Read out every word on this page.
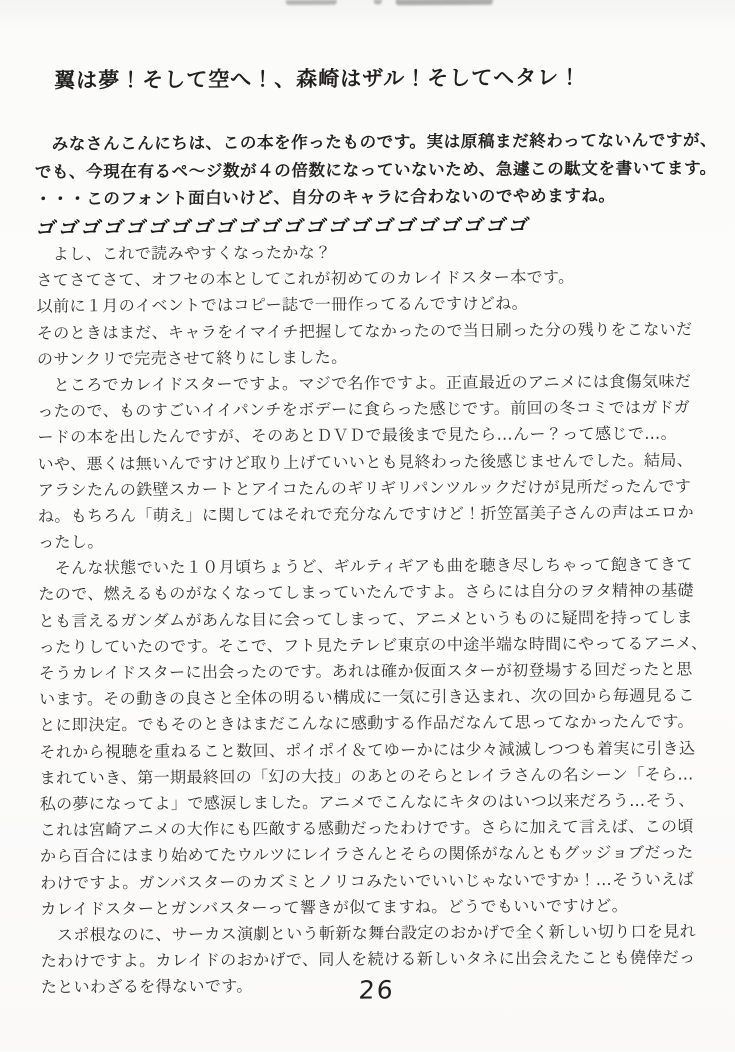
翼は夢！そして空へ！、森崎はザル！そしてヘタレ！
　みなさんこんにちは、この本を作ったものです。実は原稿まだ終わってないんですが、
でも、今現在有るペ〜ジ数が４の倍数になっていないため、急遽この駄文を書いてます。
・・・このフォント面白いけど、自分のキャラに合わないのでやめますね。
ゴゴゴゴゴゴゴゴゴゴゴゴゴゴゴゴゴゴゴゴゴゴ
　よし、これで読みやすくなったかな？
さてさてさて、オフセの本としてこれが初めてのカレイドスター本です。
以前に１月のイベントではコピー誌で一冊作ってるんですけどね。
そのときはまだ、キャラをイマイチ把握してなかったので当日刷った分の残りをこないだ
のサンクリで完売させて終りにしました。
　ところでカレイドスターですよ。マジで名作ですよ。正直最近のアニメには食傷気味だ
ったので、ものすごいイイパンチをボデーに食らった感じです。前回の冬コミではガドガ
ードの本を出したんですが、そのあとＤＶＤで最後まで見たら…んー？って感じで…。
いや、悪くは無いんですけど取り上げていいとも見終わった後感じませんでした。結局、
アラシたんの鉄壁スカートとアイコたんのギリギリパンツルックだけが見所だったんです
ね。もちろん「萌え」に関してはそれで充分なんですけど！折笠冨美子さんの声はエロか
ったし。
　そんな状態でいた１０月頃ちょうど、ギルティギアも曲を聴き尽しちゃって飽きてきて
たので、燃えるものがなくなってしまっていたんですよ。さらには自分のヲタ精神の基礎
とも言えるガンダムがあんな目に会ってしまって、アニメというものに疑問を持ってしま
ったりしていたのです。そこで、フト見たテレビ東京の中途半端な時間にやってるアニメ、
そうカレイドスターに出会ったのです。あれは確か仮面スターが初登場する回だったと思
います。その動きの良さと全体の明るい構成に一気に引き込まれ、次の回から毎週見るこ
とに即決定。でもそのときはまだこんなに感動する作品だなんて思ってなかったんです。
それから視聴を重ねること数回、ポイポイ＆てゆーかには少々減滅しつつも着実に引き込
まれていき、第一期最終回の「幻の大技」のあとのそらとレイラさんの名シーン「そら…
私の夢になってよ」で感涙しました。アニメでこんなにキタのはいつ以来だろう…そう、
これは宮崎アニメの大作にも匹敵する感動だったわけです。さらに加えて言えば、この頃
から百合にはまり始めてたウルツにレイラさんとそらの関係がなんともグッジョブだった
わけですよ。ガンバスターのカズミとノリコみたいでいいじゃないですか！…そういえば
カレイドスターとガンバスターって響きが似てますね。どうでもいいですけど。
　スポ根なのに、サーカス演劇という斬新な舞台設定のおかげで全く新しい切り口を見れ
たわけですよ。カレイドのおかげで、同人を続ける新しいタネに出会えたことも僥倖だっ
たといわざるを得ないです。	26
